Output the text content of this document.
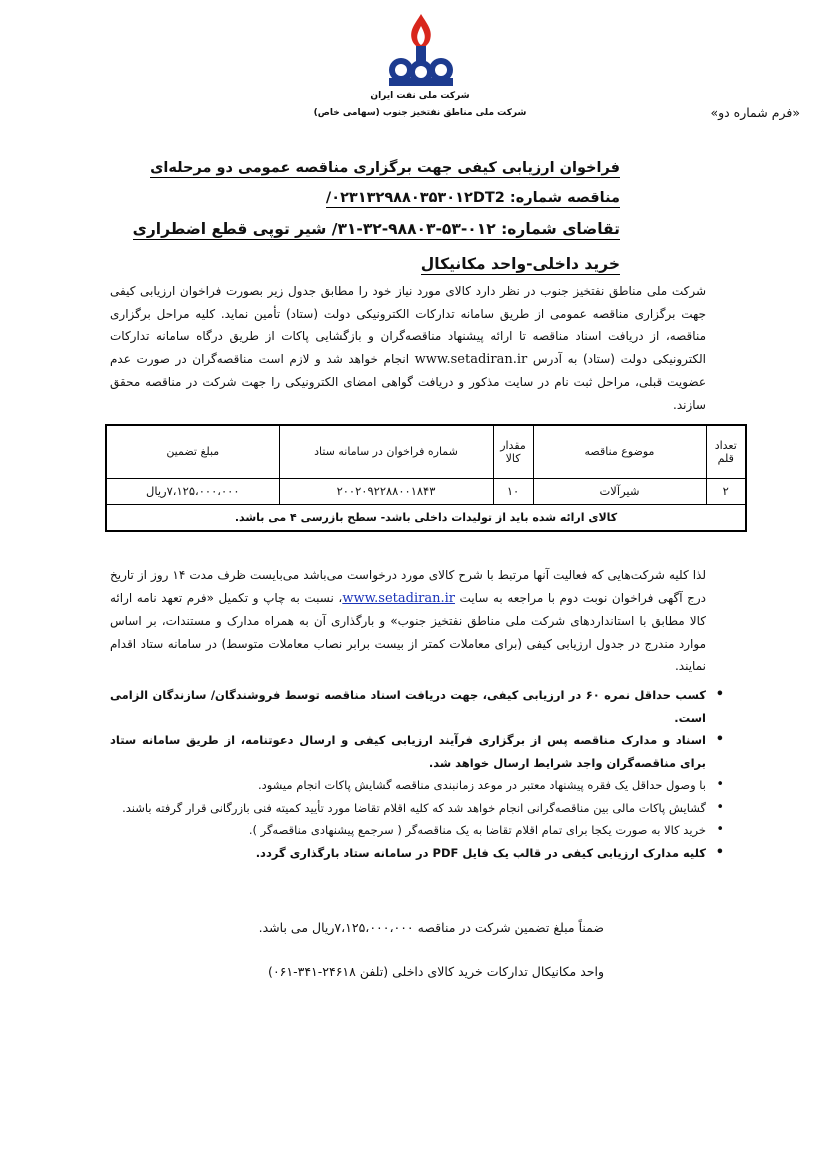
شرکت ملی نفت ایران
شرکت ملی مناطق نفتخیز جنوب (سهامی خاص)	«فرم شماره دو»
فراخوان ارزیابی کیفی جهت برگزاری مناقصه عمومی دو مرحله‌ای
مناقصه شماره: ۰۲۳۱۳۲۹۸۸۰۳۵۳۰۱۲DT2/
تقاضای شماره: ۰۱۲-۵۳-۹۸۸۰۳-۳۲-۳۱/ شیر توپی قطع اضطراری
خرید داخلی-واحد مکانیکال
شرکت ملی مناطق نفتخیز جنوب در نظر دارد کالای مورد نیاز خود را مطابق جدول زیر بصورت فراخوان ارزیابی کیفی جهت برگزاری مناقصه عمومی از طریق سامانه تدارکات الکترونیکی دولت (ستاد) تأمین نماید. کلیه مراحل برگزاری مناقصه، از دریافت اسناد مناقصه تا ارائه پیشنهاد مناقصه‌گران و بازگشایی پاکات از طریق درگاه سامانه تدارکات الکترونیکی دولت (ستاد) به آدرس www.setadiran.ir انجام خواهد شد و لازم است مناقصه‌گران در صورت عدم عضویت قبلی، مراحل ثبت نام در سایت مذکور و دریافت گواهی امضای الکترونیکی را جهت شرکت در مناقصه محقق سازند.
تعداد قلم	موضوع مناقصه	مقدار کالا	شماره فراخوان در سامانه ستاد	مبلغ تضمین
۲	شیرآلات	۱۰	۲۰۰۲۰۹۲۲۸۸۰۰۱۸۴۳	۷،۱۲۵،۰۰۰،۰۰۰ریال
کالای ارائه شده باید از تولیدات داخلی باشد- سطح بازرسی ۴ می باشد.				
لذا کلیه شرکت‌هایی که فعالیت آنها مرتبط با شرح کالای مورد درخواست می‌باشد می‌بایست ظرف مدت ۱۴ روز از تاریخ درج آگهی فراخوان نوبت دوم با مراجعه به سایت www.setadiran.ir، نسبت به چاپ و تکمیل «فرم تعهد نامه ارائه کالا مطابق با استانداردهای شرکت ملی مناطق نفتخیز جنوب» و بارگذاری آن به همراه مدارک و مستندات، بر اساس موارد مندرج در جدول ارزیابی کیفی (برای معاملات کمتر از بیست برابر نصاب معاملات متوسط) در سامانه ستاد اقدام نمایند.
• کسب حداقل نمره ۶۰ در ارزیابی کیفی، جهت دریافت اسناد مناقصه توسط فروشندگان/ سازندگان الزامی است.
• اسناد و مدارک مناقصه پس از برگزاری فرآیند ارزیابی کیفی و ارسال دعوتنامه، از طریق سامانه ستاد برای مناقصه‌گران واجد شرایط ارسال خواهد شد.
• با وصول حداقل یک فقره پیشنهاد معتبر در موعد زمانبندی مناقصه گشایش پاکات انجام میشود.
• گشایش پاکات مالی بین مناقصه‌گرانی انجام خواهد شد که کلیه اقلام تقاضا مورد تأیید کمیته فنی بازرگانی قرار گرفته باشند.
• خرید کالا به صورت یکجا برای تمام اقلام تقاضا به یک مناقصه‌گر ( سرجمع پیشنهادی مناقصه‌گر ).
• کلیه مدارک ارزیابی کیفی در قالب یک فایل PDF در سامانه ستاد بارگذاری گردد.
ضمناً مبلغ تضمین شرکت در مناقصه ۷،۱۲۵،۰۰۰،۰۰۰ریال می باشد.
واحد مکانیکال تدارکات خرید کالای داخلی (تلفن ۲۴۶۱۸-۳۴۱-۰۶۱)
